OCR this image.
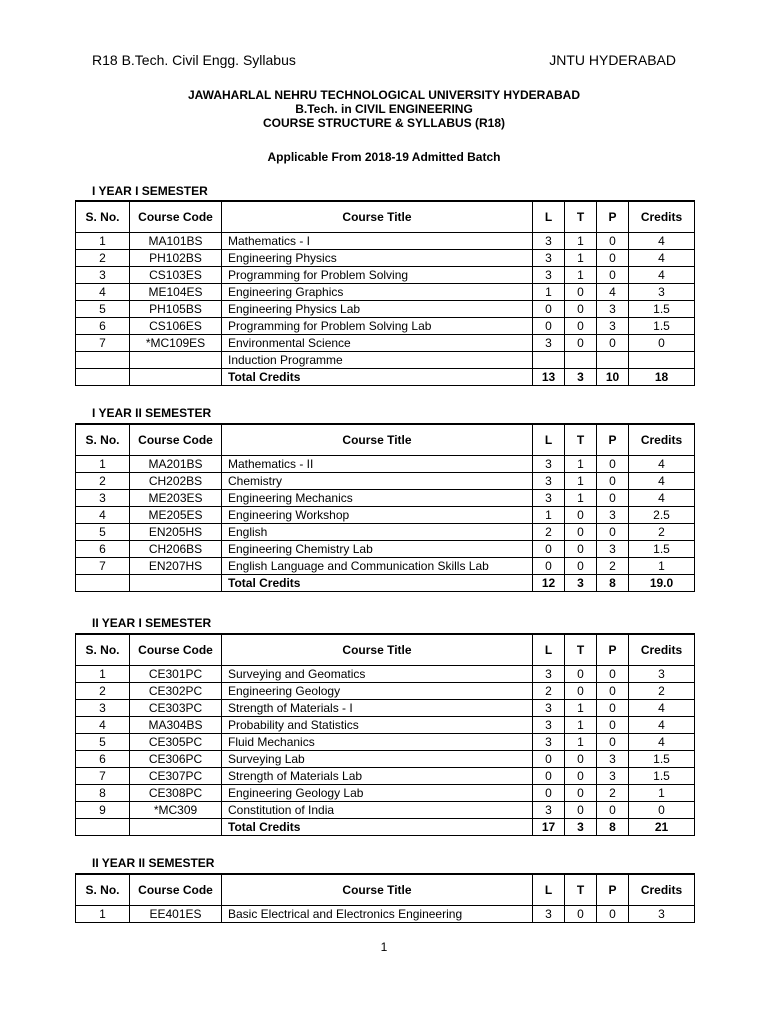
R18 B.Tech. Civil Engg. Syllabus	JNTU HYDERABAD
JAWAHARLAL NEHRU TECHNOLOGICAL UNIVERSITY HYDERABAD
B.Tech. in CIVIL ENGINEERING
COURSE STRUCTURE & SYLLABUS (R18)
Applicable From 2018-19 Admitted Batch
I YEAR I SEMESTER
S. No.	Course Code	Course Title	L	T	P	Credits
1	MA101BS	Mathematics - I	3	1	0	4
2	PH102BS	Engineering Physics	3	1	0	4
3	CS103ES	Programming for Problem Solving	3	1	0	4
4	ME104ES	Engineering Graphics	1	0	4	3
5	PH105BS	Engineering Physics Lab	0	0	3	1.5
6	CS106ES	Programming for Problem Solving Lab	0	0	3	1.5
7	*MC109ES	Environmental Science	3	0	0	0
		Induction Programme				
		Total Credits	13	3	10	18
I YEAR II SEMESTER
S. No.	Course Code	Course Title	L	T	P	Credits
1	MA201BS	Mathematics - II	3	1	0	4
2	CH202BS	Chemistry	3	1	0	4
3	ME203ES	Engineering Mechanics	3	1	0	4
4	ME205ES	Engineering Workshop	1	0	3	2.5
5	EN205HS	English	2	0	0	2
6	CH206BS	Engineering Chemistry Lab	0	0	3	1.5
7	EN207HS	English Language and Communication Skills Lab	0	0	2	1
		Total Credits	12	3	8	19.0
II YEAR I SEMESTER
S. No.	Course Code	Course Title	L	T	P	Credits
1	CE301PC	Surveying and Geomatics	3	0	0	3
2	CE302PC	Engineering Geology	2	0	0	2
3	CE303PC	Strength of Materials - I	3	1	0	4
4	MA304BS	Probability and Statistics	3	1	0	4
5	CE305PC	Fluid Mechanics	3	1	0	4
6	CE306PC	Surveying Lab	0	0	3	1.5
7	CE307PC	Strength of Materials Lab	0	0	3	1.5
8	CE308PC	Engineering Geology Lab	0	0	2	1
9	*MC309	Constitution of India	3	0	0	0
		Total Credits	17	3	8	21
II YEAR II SEMESTER
S. No.	Course Code	Course Title	L	T	P	Credits
1	EE401ES	Basic Electrical and Electronics Engineering	3	0	0	3
1
